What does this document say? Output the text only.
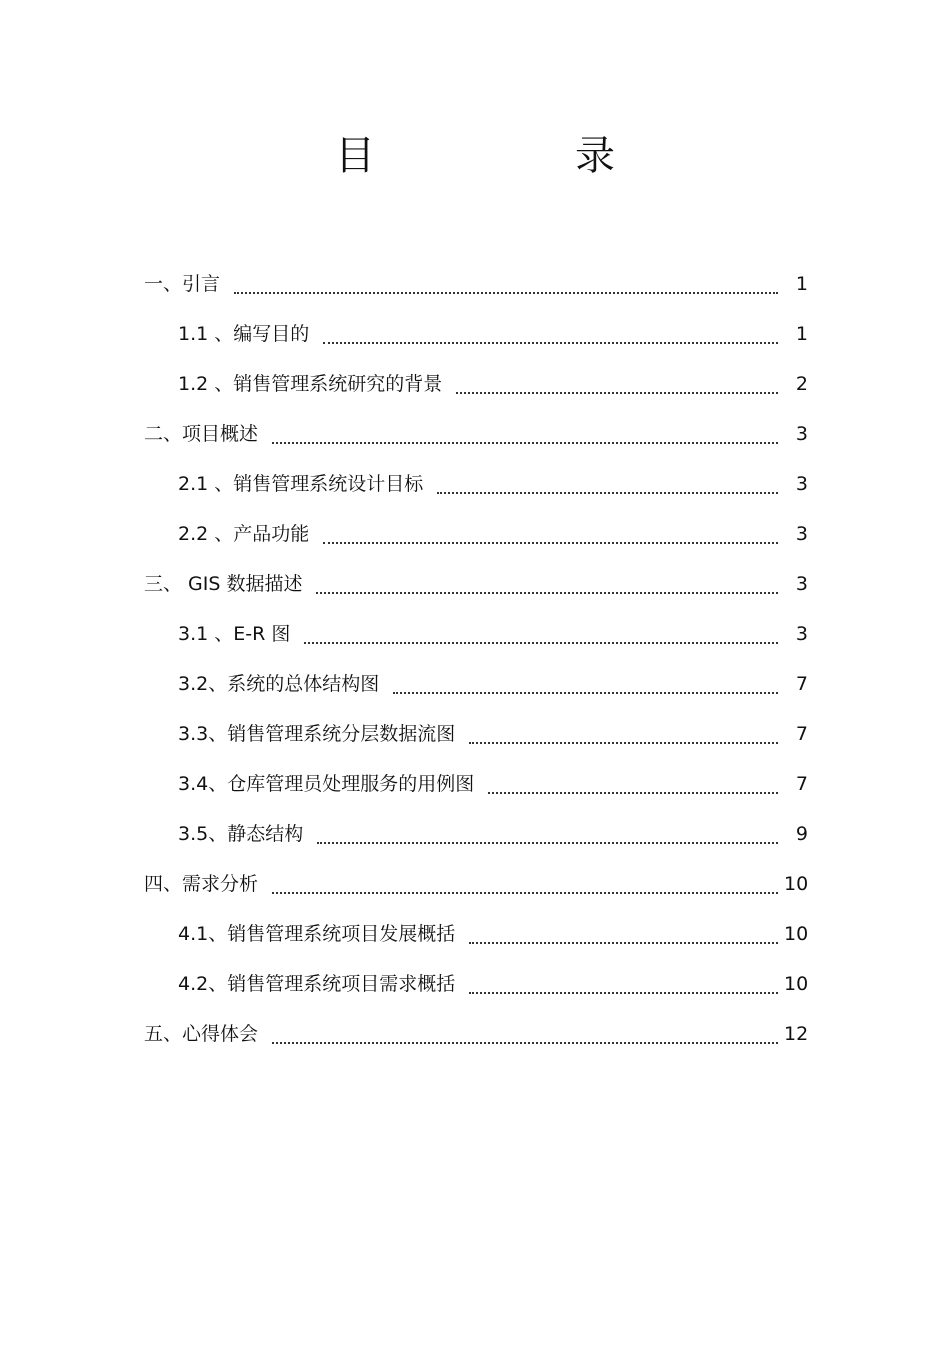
目　录
一、引言	1
1.1 、编写目的	1
1.2 、销售管理系统研究的背景	2
二、项目概述	3
2.1 、销售管理系统设计目标	3
2.2 、产品功能	3
三、 GIS 数据描述	3
3.1 、E-R 图	3
3.2、系统的总体结构图	7
3.3、销售管理系统分层数据流图	7
3.4、仓库管理员处理服务的用例图	7
3.5、静态结构	9
四、需求分析	10
4.1、销售管理系统项目发展概括	10
4.2、销售管理系统项目需求概括	10
五、心得体会	12
